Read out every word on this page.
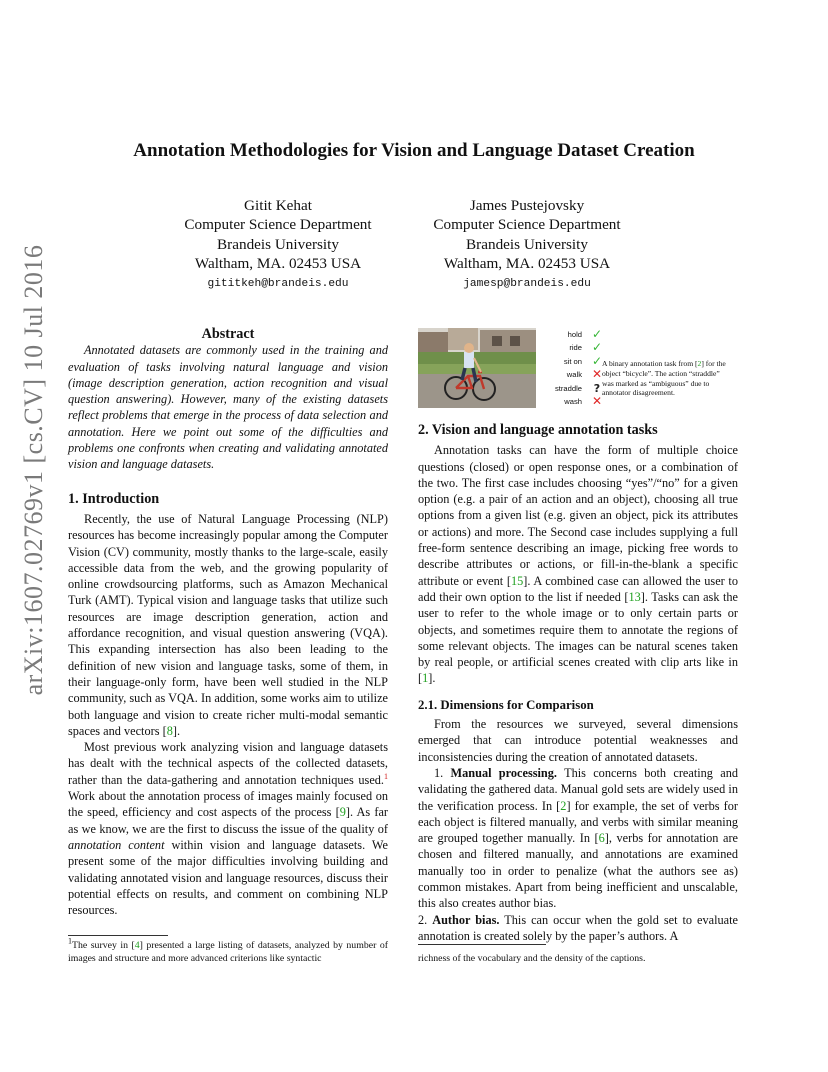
arXiv:1607.02769v1 [cs.CV] 10 Jul 2016
Annotation Methodologies for Vision and Language Dataset Creation
Gitit Kehat
Computer Science Department
Brandeis University
Waltham, MA. 02453 USA
gititkeh@brandeis.edu
James Pustejovsky
Computer Science Department
Brandeis University
Waltham, MA. 02453 USA
jamesp@brandeis.edu
Abstract

Annotated datasets are commonly used in the training and evaluation of tasks involving natural language and vision (image description generation, action recognition and visual question answering). However, many of the existing datasets reflect problems that emerge in the process of data selection and annotation. Here we point out some of the difficulties and problems one confronts when creating and validating annotated vision and language datasets.

1. Introduction

Recently, the use of Natural Language Processing (NLP) resources has become increasingly popular among the Computer Vision (CV) community, mostly thanks to the large-scale, easily accessible data from the web, and the growing popularity of online crowdsourcing platforms, such as Amazon Mechanical Turk (AMT). Typical vision and language tasks that utilize such resources are image description generation, action and affordance recognition, and visual question answering (VQA). This expanding intersection has also been leading to the definition of new vision and language tasks, some of them, in their language-only form, have been well studied in the NLP community, such as VQA. In addition, some works aim to utilize both language and vision to create richer multi-modal semantic spaces and vectors [8].

Most previous work analyzing vision and language datasets has dealt with the technical aspects of the collected datasets, rather than the data-gathering and annotation techniques used.$^1$ Work about the annotation process of images mainly focused on the speed, efficiency and cost aspects of the process [9]. As far as we know, we are the first to discuss the issue of the quality of annotation content within vision and language datasets. We present some of the major difficulties involving building and validating annotated vision and language resources, discuss their potential effects on results, and comment on combining NLP resources.

$^1$The survey in [4] presented a large listing of datasets, analyzed by number of images and structure and more advanced criterions like syntactic
hold
ride
sit on
walk
straddle
wash
✓
✓
✓
✕
?
✕
A binary annotation task from [2] for the object “bicycle”. The action “straddle” was marked as “ambiguous” due to annotator disagreement.
2. Vision and language annotation tasks

Annotation tasks can have the form of multiple choice questions (closed) or open response ones, or a combination of the two. The first case includes choosing “yes”/“no” for a given option (e.g. a pair of an action and an object), choosing all true options from a given list (e.g. given an object, pick its attributes or actions) and more. The Second case includes supplying a full free-form sentence describing an image, picking free words to describe attributes or actions, or fill-in-the-blank a specific attribute or event [15]. A combined case can allowed the user to add their own option to the list if needed [13]. Tasks can ask the user to refer to the whole image or to only certain parts or objects, and sometimes require them to annotate the regions of some relevant objects. The images can be natural scenes taken by real people, or artificial scenes created with clip arts like in [1].

2.1. Dimensions for Comparison

From the resources we surveyed, several dimensions emerged that can introduce potential weaknesses and inconsistencies during the creation of annotated datasets.

1. Manual processing. This concerns both creating and validating the gathered data. Manual gold sets are widely used in the verification process. In [2] for example, the set of verbs for each object is filtered manually, and verbs with similar meaning are grouped together manually. In [6], verbs for annotation are chosen and filtered manually, and annotations are examined manually too in order to penalize (what the authors see as) common mistakes. Apart from being inefficient and unscalable, this also creates author bias.

2. Author bias. This can occur when the gold set to evaluate annotation is created solely by the paper’s authors. A

richness of the vocabulary and the density of the captions.
